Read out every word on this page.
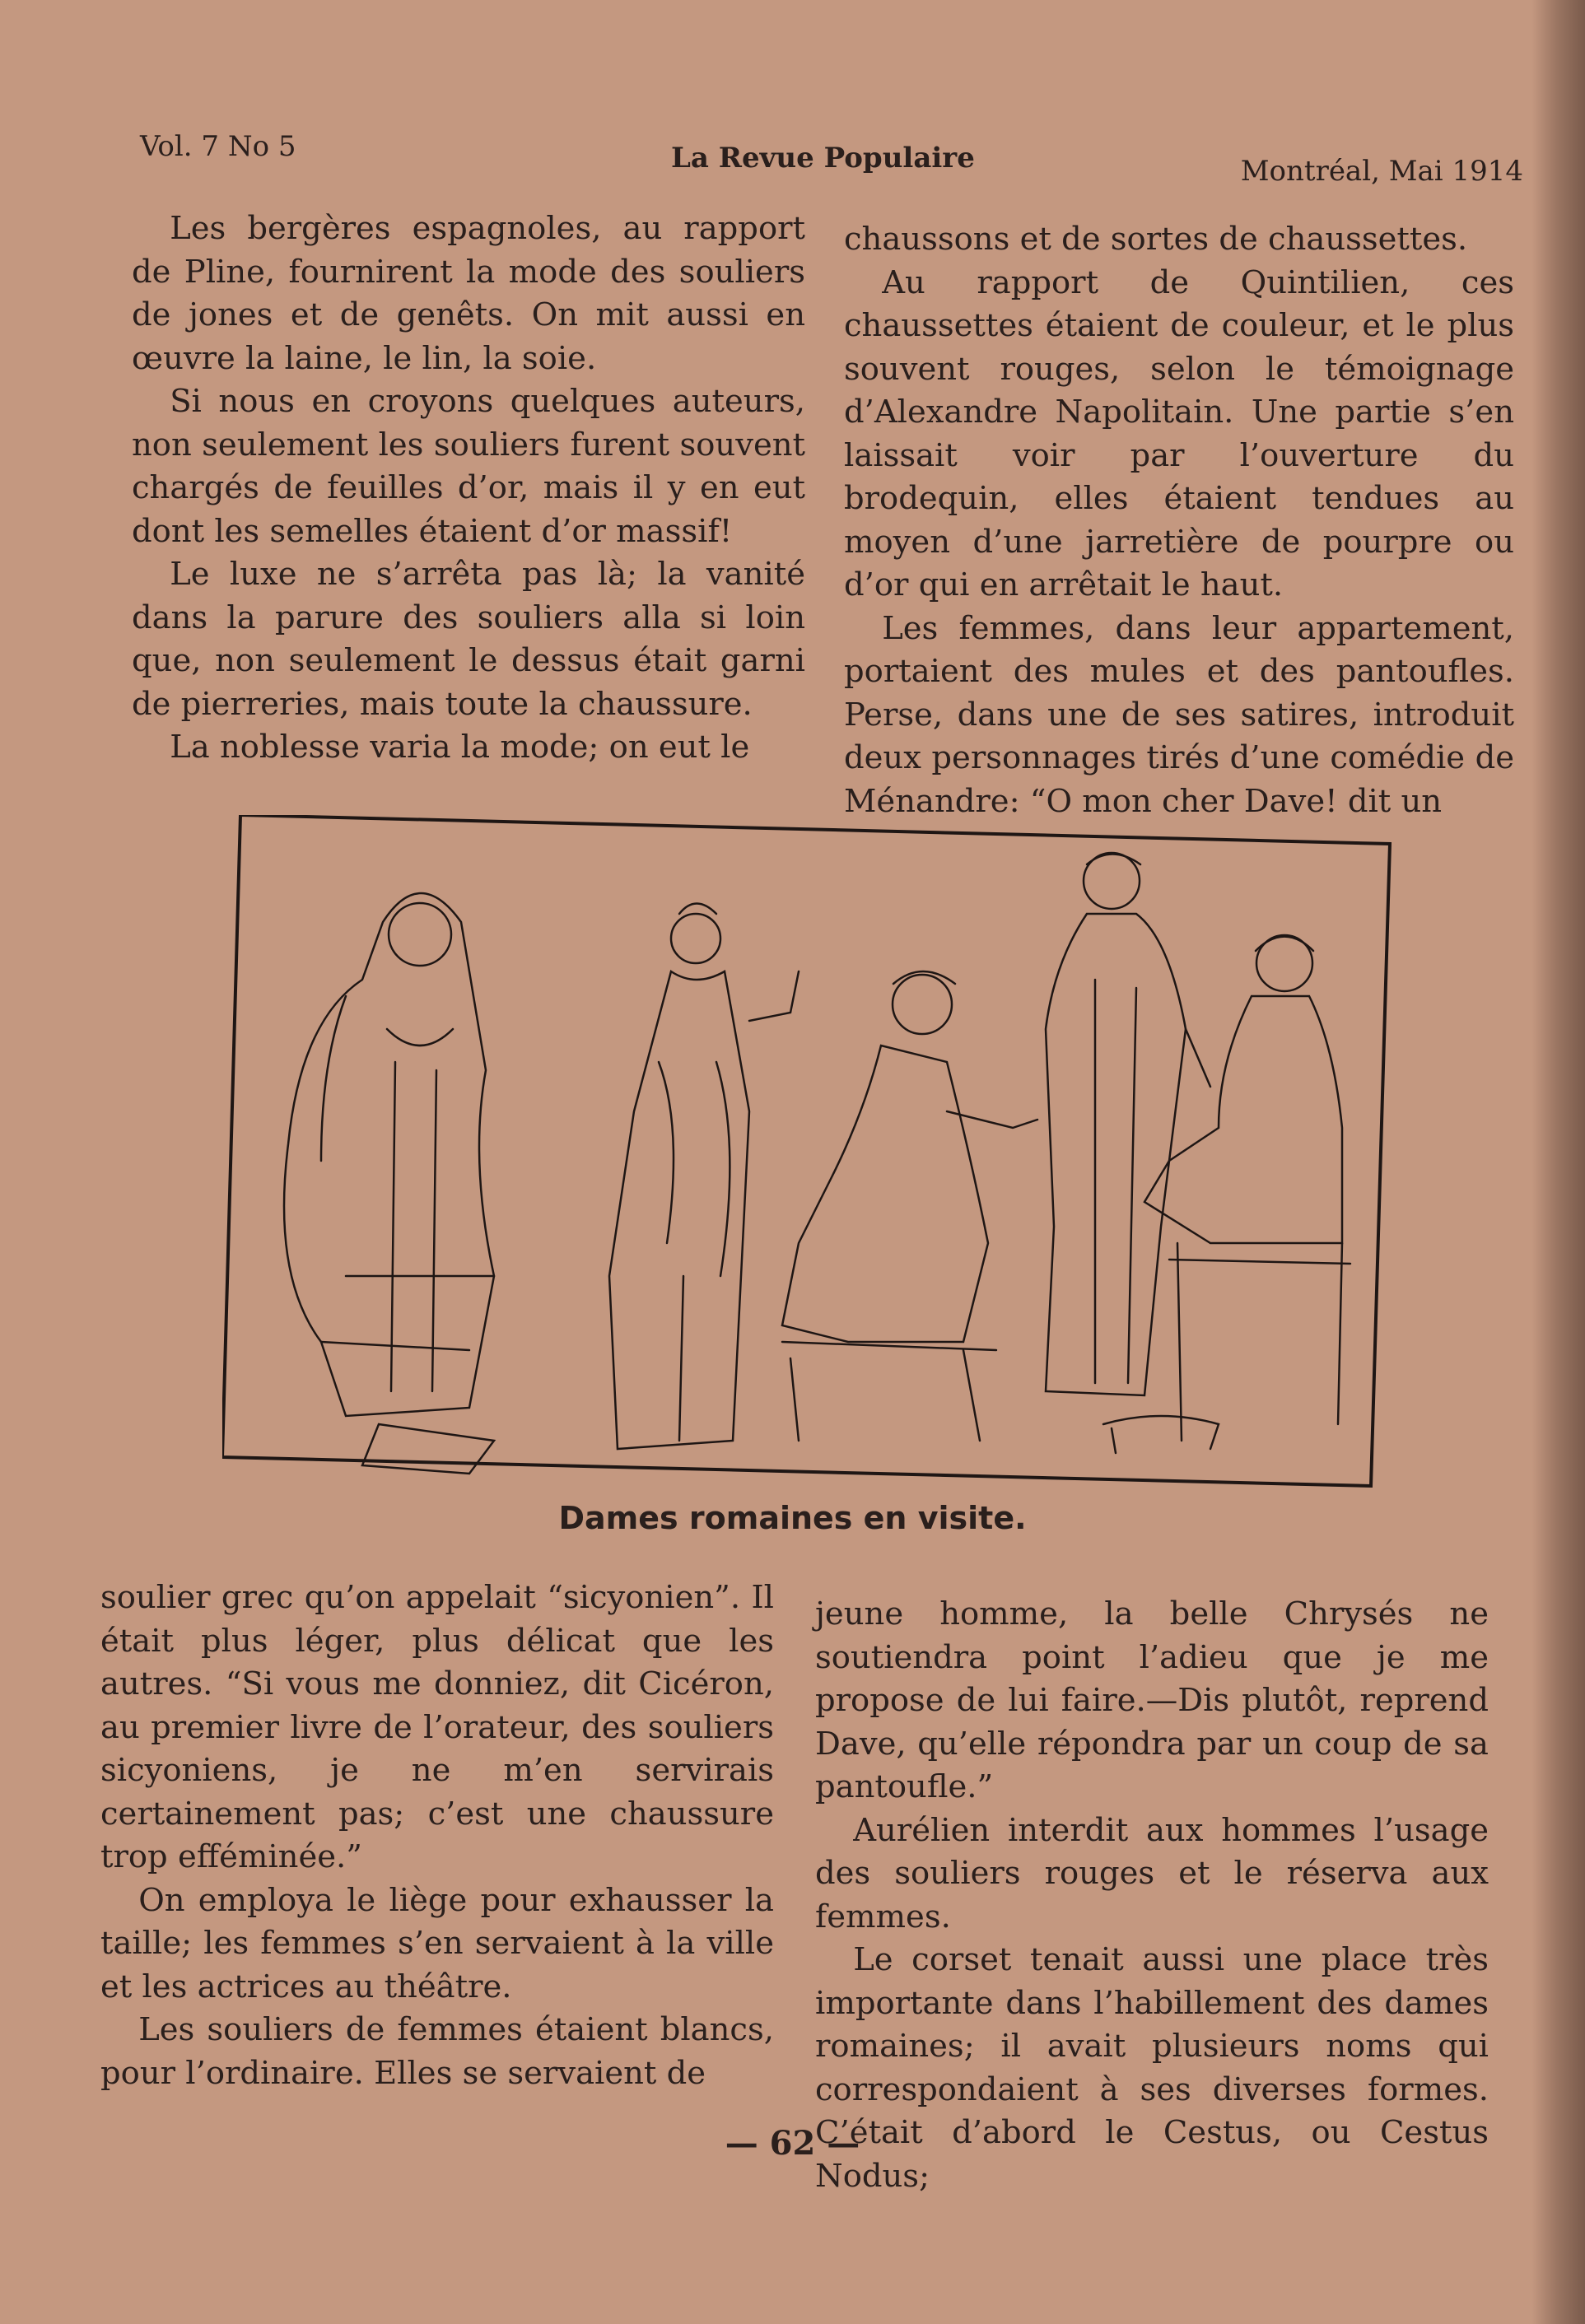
Vol. 7 No 5	La Revue Populaire	Montréal, Mai 1914

Les bergères espagnoles, au rapport de Pline, fournirent la mode des souliers de jones et de genêts. On mit aussi en œuvre la laine, le lin, la soie.

Si nous en croyons quelques auteurs, non seulement les souliers furent souvent chargés de feuilles d’or, mais il y en eut dont les semelles étaient d’or massif!

Le luxe ne s’arrêta pas là; la vanité dans la parure des souliers alla si loin que, non seulement le dessus était garni de pierreries, mais toute la chaussure.

La noblesse varia la mode; on eut le

chaussons et de sortes de chaussettes.

Au rapport de Quintilien, ces chaussettes étaient de couleur, et le plus souvent rouges, selon le témoignage d’Alexandre Napolitain. Une partie s’en laissait voir par l’ouverture du brodequin, elles étaient tendues au moyen d’une jarretière de pourpre ou d’or qui en arrêtait le haut.

Les femmes, dans leur appartement, portaient des mules et des pantoufles. Perse, dans une de ses satires, introduit deux personnages tirés d’une comédie de Ménandre: “O mon cher Dave! dit un

Dames romaines en visite.

soulier grec qu’on appelait “sicyonien”. Il était plus léger, plus délicat que les autres. “Si vous me donniez, dit Cicéron, au premier livre de l’orateur, des souliers sicyoniens, je ne m’en servirais certainement pas; c’est une chaussure trop efféminée.”

On employa le liège pour exhausser la taille; les femmes s’en servaient à la ville et les actrices au théâtre.

Les souliers de femmes étaient blancs, pour l’ordinaire. Elles se servaient de

jeune homme, la belle Chrysés ne soutiendra point l’adieu que je me propose de lui faire.—Dis plutôt, reprend Dave, qu’elle répondra par un coup de sa pantoufle.”

Aurélien interdit aux hommes l’usage des souliers rouges et le réserva aux femmes.

Le corset tenait aussi une place très importante dans l’habillement des dames romaines; il avait plusieurs noms qui correspondaient à ses diverses formes. C’était d’abord le Cestus, ou Cestus Nodus;

— 62 —
